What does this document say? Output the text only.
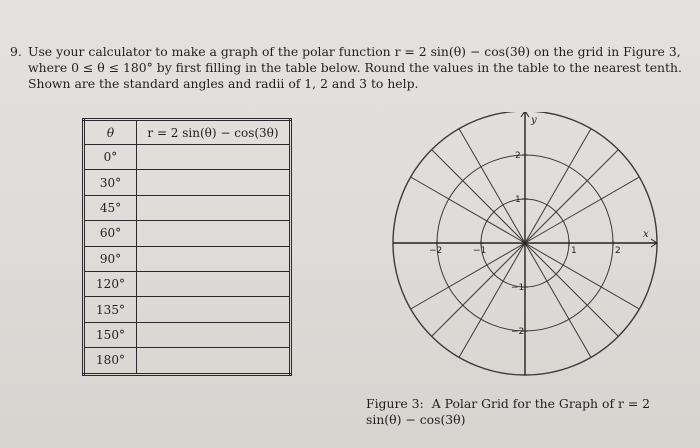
9. Use your calculator to make a graph of the polar function r = 2 sin(θ) − cos(3θ) on the grid in Figure 3, where 0 ≤ θ ≤ 180° by first filling in the table below. Round the values in the table to the nearest tenth. Shown are the standard angles and radii of 1, 2 and 3 to help.
θ	r = 2 sin(θ) − cos(3θ)
0°	
30°	
45°	
60°	
90°	
120°	
135°	
150°	
180°	
y
x
−2	−1	1	2
2
1
−1
−2
Figure 3: A Polar Grid for the Graph of r = 2 sin(θ) − cos(3θ)
